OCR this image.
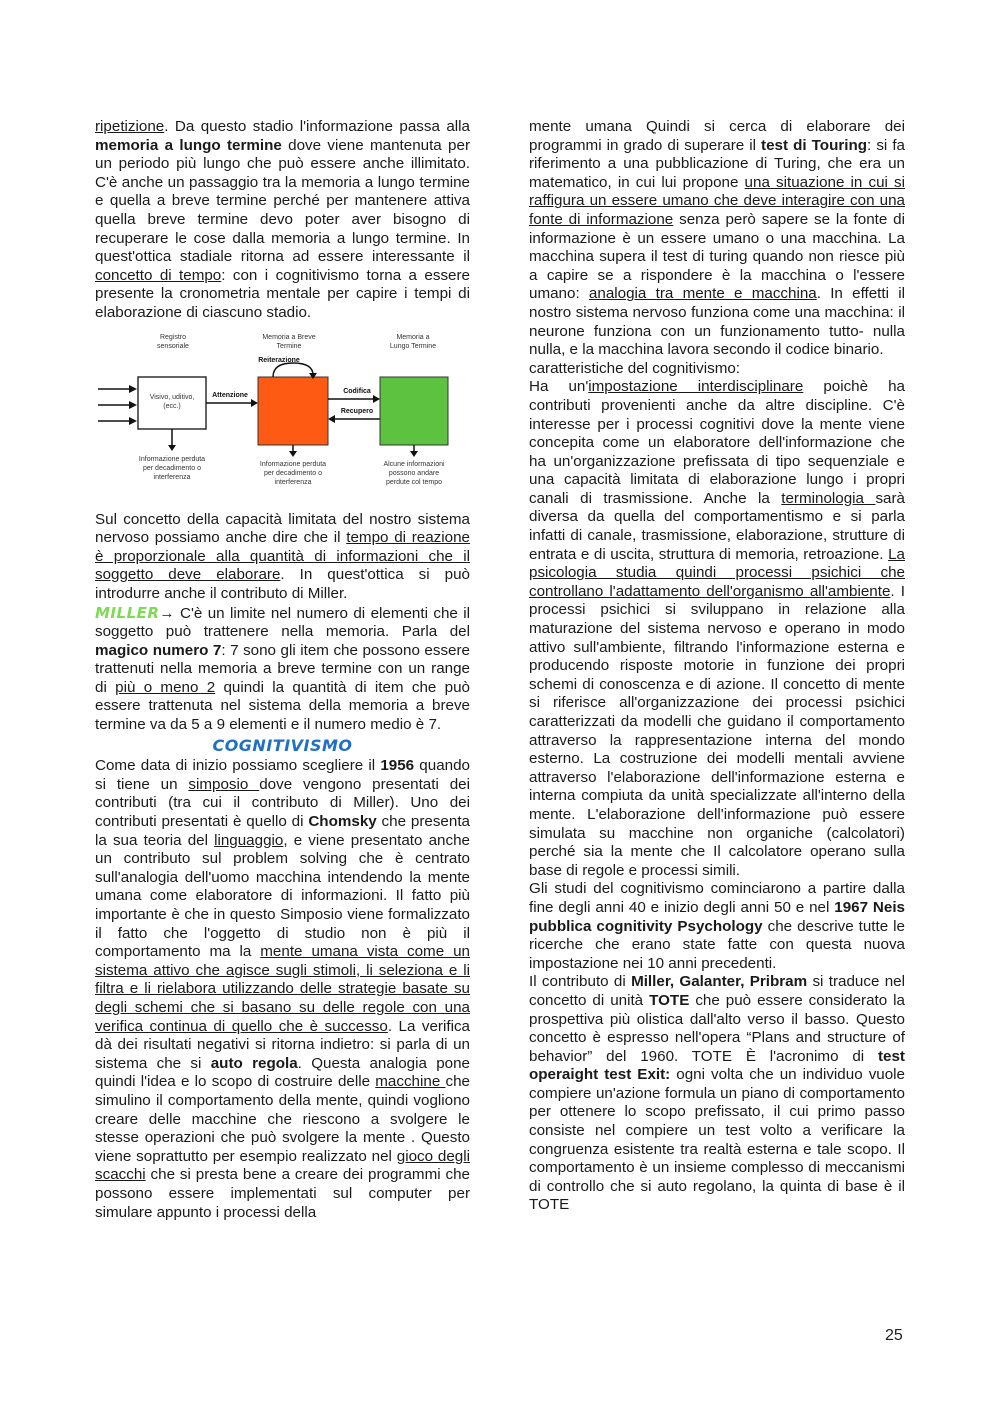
ripetizione. Da questo stadio l'informazione passa alla memoria a lungo termine dove viene mantenuta per un periodo più lungo che può essere anche illimitato. C'è anche un passaggio tra la memoria a lungo termine e quella a breve termine perché per mantenere attiva quella breve termine devo poter aver bisogno di recuperare le cose dalla memoria a lungo termine. In quest'ottica stadiale ritorna ad essere interessante il concetto di tempo: con i cognitivismo torna a essere presente la cronometria mentale per capire i tempi di elaborazione di ciascuno stadio.

Registro
sensoriale
Memoria a Breve
Termine
Memoria a
Lungo Termine
Visivo, uditivo,
(ecc.)
Attenzione
Reiterazione
Codifica
Recupero
Informazione perduta
per decadimento o
interferenza
Informazione perduta
per decadimento o
interferenza
Alcune informazioni
possono andare
perdute col tempo

Sul concetto della capacità limitata del nostro sistema nervoso possiamo anche dire che il tempo di reazione è proporzionale alla quantità di informazioni che il soggetto deve elaborare. In quest'ottica si può introdurre anche il contributo di Miller.

MILLER→ C'è un limite nel numero di elementi che il soggetto può trattenere nella memoria. Parla del magico numero 7: 7 sono gli item che possono essere trattenuti nella memoria a breve termine con un range di più o meno 2 quindi la quantità di item che può essere trattenuta nel sistema della memoria a breve termine va da 5 a 9 elementi e il numero medio è 7.

COGNITIVISMO

Come data di inizio possiamo scegliere il 1956 quando si tiene un simposio dove vengono presentati dei contributi (tra cui il contributo di Miller). Uno dei contributi presentati è quello di Chomsky che presenta la sua teoria del linguaggio, e viene presentato anche un contributo sul problem solving che è centrato sull'analogia dell'uomo macchina intendendo la mente umana come elaboratore di informazioni. Il fatto più importante è che in questo Simposio viene formalizzato il fatto che l'oggetto di studio non è più il comportamento ma la mente umana vista come un sistema attivo che agisce sugli stimoli, li seleziona e li filtra e li rielabora utilizzando delle strategie basate su degli schemi che si basano su delle regole con una verifica continua di quello che è successo. La verifica dà dei risultati negativi si ritorna indietro: si parla di un sistema che si auto regola. Questa analogia pone quindi l'idea e lo scopo di costruire delle macchine che simulino il comportamento della mente, quindi vogliono creare delle macchine che riescono a svolgere le stesse operazioni che può svolgere la mente . Questo viene soprattutto per esempio realizzato nel gioco degli scacchi che si presta bene a creare dei programmi che possono essere implementati sul computer per simulare appunto i processi della

mente umana Quindi si cerca di elaborare dei programmi in grado di superare il test di Touring: si fa riferimento a una pubblicazione di Turing, che era un matematico, in cui lui propone una situazione in cui si raffigura un essere umano che deve interagire con una fonte di informazione senza però sapere se la fonte di informazione è un essere umano o una macchina. La macchina supera il test di turing quando non riesce più a capire se a rispondere è la macchina o l'essere umano: analogia tra mente e macchina. In effetti il nostro sistema nervoso funziona come una macchina: il neurone funziona con un funzionamento tutto- nulla nulla, e la macchina lavora secondo il codice binario.

caratteristiche del cognitivismo:

Ha un'impostazione interdisciplinare poichè ha contributi provenienti anche da altre discipline. C'è interesse per i processi cognitivi dove la mente viene concepita come un elaboratore dell'informazione che ha un'organizzazione prefissata di tipo sequenziale e una capacità limitata di elaborazione lungo i propri canali di trasmissione. Anche la terminologia sarà diversa da quella del comportamentismo e si parla infatti di canale, trasmissione, elaborazione, strutture di entrata e di uscita, struttura di memoria, retroazione. La psicologia studia quindi processi psichici che controllano l'adattamento dell'organismo all'ambiente. I processi psichici si sviluppano in relazione alla maturazione del sistema nervoso e operano in modo attivo sull'ambiente, filtrando l'informazione esterna e producendo risposte motorie in funzione dei propri schemi di conoscenza e di azione. Il concetto di mente si riferisce all'organizzazione dei processi psichici caratterizzati da modelli che guidano il comportamento attraverso la rappresentazione interna del mondo esterno. La costruzione dei modelli mentali avviene attraverso l'elaborazione dell'informazione esterna e interna compiuta da unità specializzate all'interno della mente. L'elaborazione dell'informazione può essere simulata su macchine non organiche (calcolatori) perché sia la mente che Il calcolatore operano sulla base di regole e processi simili.

Gli studi del cognitivismo cominciarono a partire dalla fine degli anni 40 e inizio degli anni 50 e nel 1967 Neis pubblica cognitivity Psychology che descrive tutte le ricerche che erano state fatte con questa nuova impostazione nei 10 anni precedenti.

Il contributo di Miller, Galanter, Pribram si traduce nel concetto di unità TOTE che può essere considerato la prospettiva più olistica dall'alto verso il basso. Questo concetto è espresso nell'opera “Plans and structure of behavior” del 1960. TOTE È l'acronimo di test operaight test Exit: ogni volta che un individuo vuole compiere un'azione formula un piano di comportamento per ottenere lo scopo prefissato, il cui primo passo consiste nel compiere un test volto a verificare la congruenza esistente tra realtà esterna e tale scopo. Il comportamento è un insieme complesso di meccanismi di controllo che si auto regolano, la quinta di base è il TOTE

25
